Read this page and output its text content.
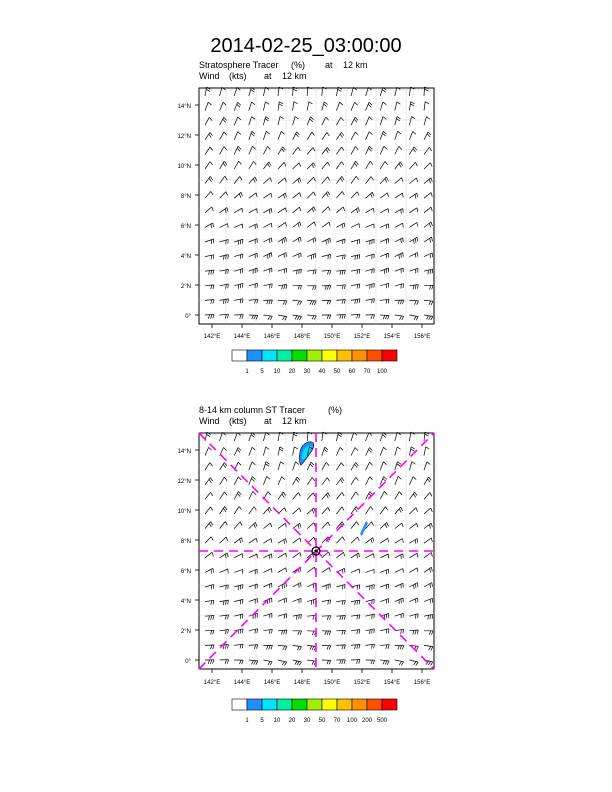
2014-02-25_03:00:00
Stratosphere Tracer (%) at 12 km
Wind (kts) at 12 km
0°
2°N
4°N
6°N
8°N
10°N
12°N
14°N
142°E 144°E 146°E 148°E 150°E 152°E 154°E 156°E
1 5 10 20 30 40 50 60 70 100
8-14 km column ST Tracer	(%)
Wind (kts) at 12 km
0°
2°N
4°N
6°N
8°N
10°N
12°N
14°N
142°E 144°E 146°E 148°E 150°E 152°E 154°E 156°E
1 5 10 20 30 50 70 100 200 500
